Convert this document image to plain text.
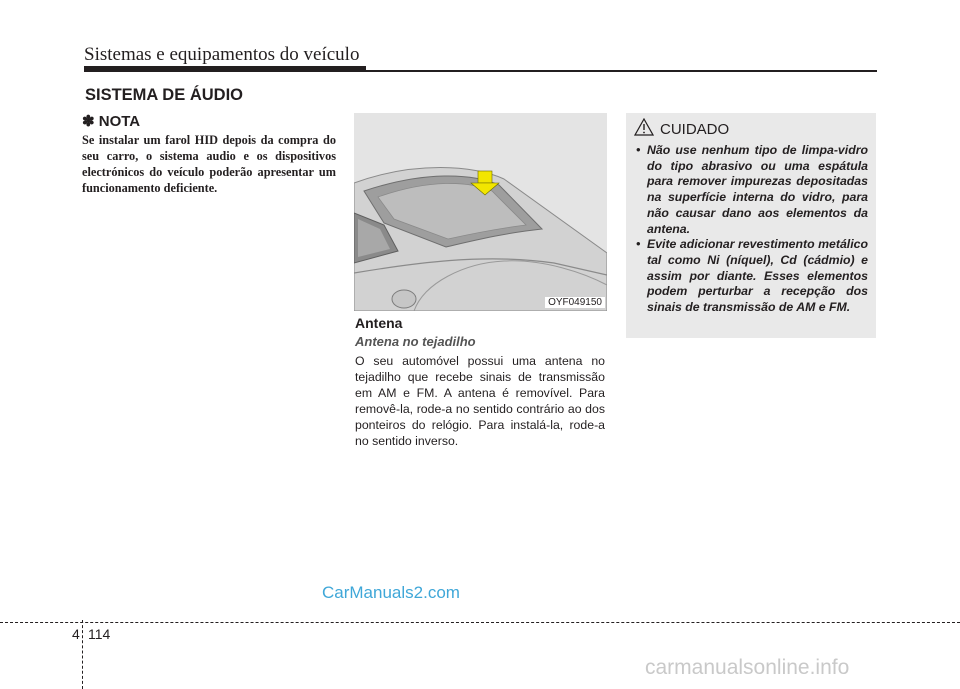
Sistemas e equipamentos do veículo
SISTEMA DE ÁUDIO
✽ NOTA
Se instalar um farol HID depois da compra do seu carro, o sistema audio e os dispositivos electrónicos do veículo poderão apresentar um funcionamento deficiente.
OYF049150
Antena
Antena no tejadilho
O seu automóvel possui uma antena no tejadilho que recebe sinais de transmissão em AM e FM. A antena é removível. Para removê-la, rode-a no sentido contrário ao dos ponteiros do relógio. Para instalá-la, rode-a no sentido inverso.
CUIDADO
• Não use nenhum tipo de limpa-vidro do tipo abrasivo ou uma espátula para remover impurezas depositadas na superfície interna do vidro, para não causar dano aos elementos da antena.
• Evite adicionar revestimento metálico tal como Ni (níquel), Cd (cádmio) e assim por diante. Esses elementos podem perturbar a recepção dos sinais de transmissão de AM e FM.
CarManuals2.com
4 114
carmanualsonline.info
